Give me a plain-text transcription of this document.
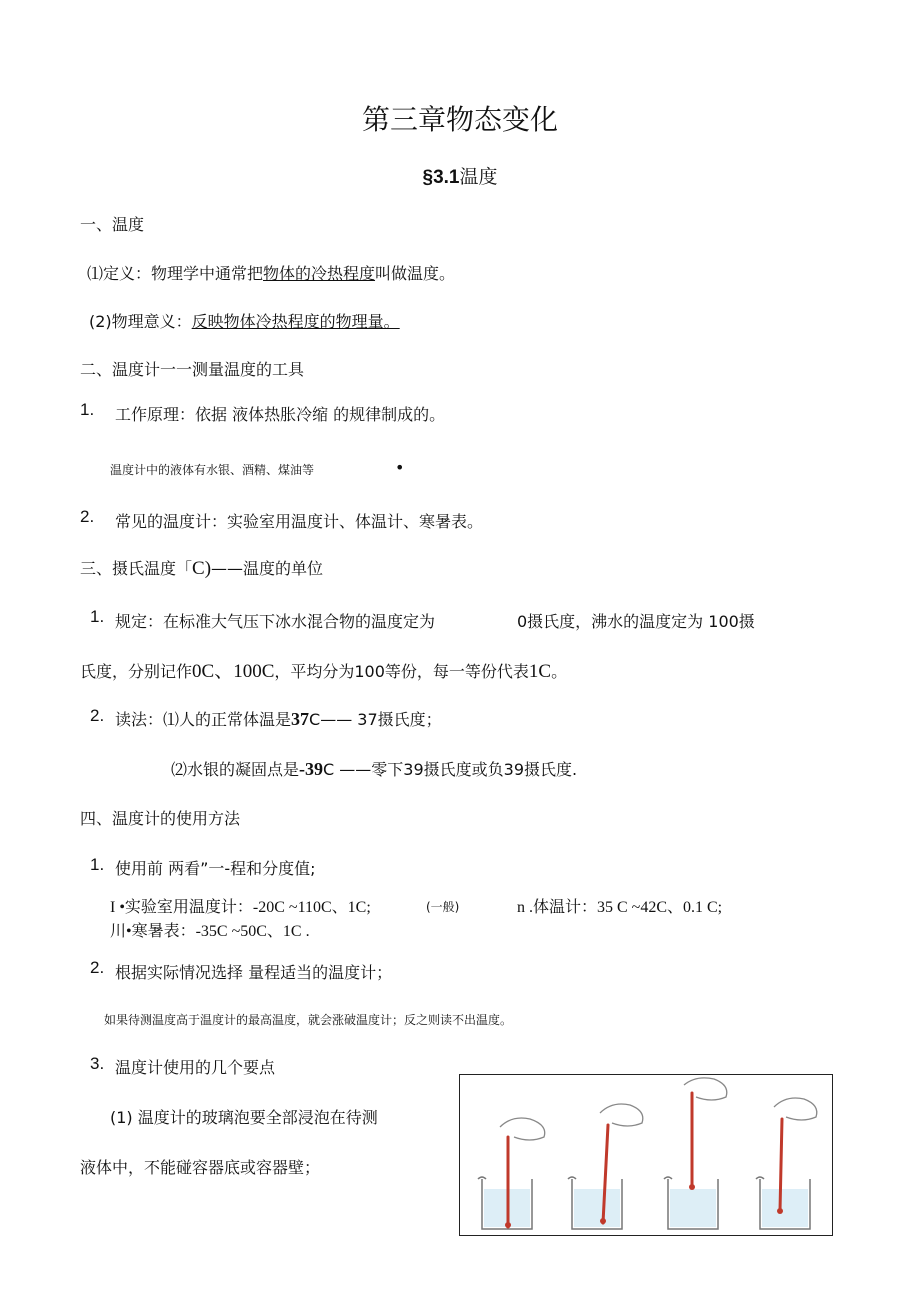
第三章物态变化
§3.1温度
一、温度
⑴定义：物理学中通常把物体的冷热程度叫做温度。
(2)物理意义：反映物体冷热程度的物理量。
二、温度计一一测量温度的工具
1. 工作原理：依据 液体热胀冷缩 的规律制成的。
温度计中的液体有水银、酒精、煤油等	•
2. 常见的温度计：实验室用温度计、体温计、寒暑表。
三、摄氏温度「C)——温度的单位
1. 规定：在标准大气压下冰水混合物的温度定为	0摄氏度，沸水的温度定为 100摄
氏度，分别记作0C、100C，平均分为100等份，每一等份代表1C。
2. 读法：⑴人的正常体温是37C—— 37摄氏度；
⑵水银的凝固点是-39C ——零下39摄氏度或负39摄氏度.
四、温度计的使用方法
1. 使用前 两看”一-程和分度值;
I •实验室用温度计：-20C ~110C、1C;	(一般)	n .体温计：35 C ~42C、0.1 C;
川•寒暑表：-35C ~50C、1C .
2. 根据实际情况选择 量程适当的温度计；
如果待测温度高于温度计的最高温度，就会涨破温度计；反之则读不出温度。
3. 温度计使用的几个要点
(1) 温度计的玻璃泡要全部浸泡在待测
液体中，不能碰容器底或容器壁；
